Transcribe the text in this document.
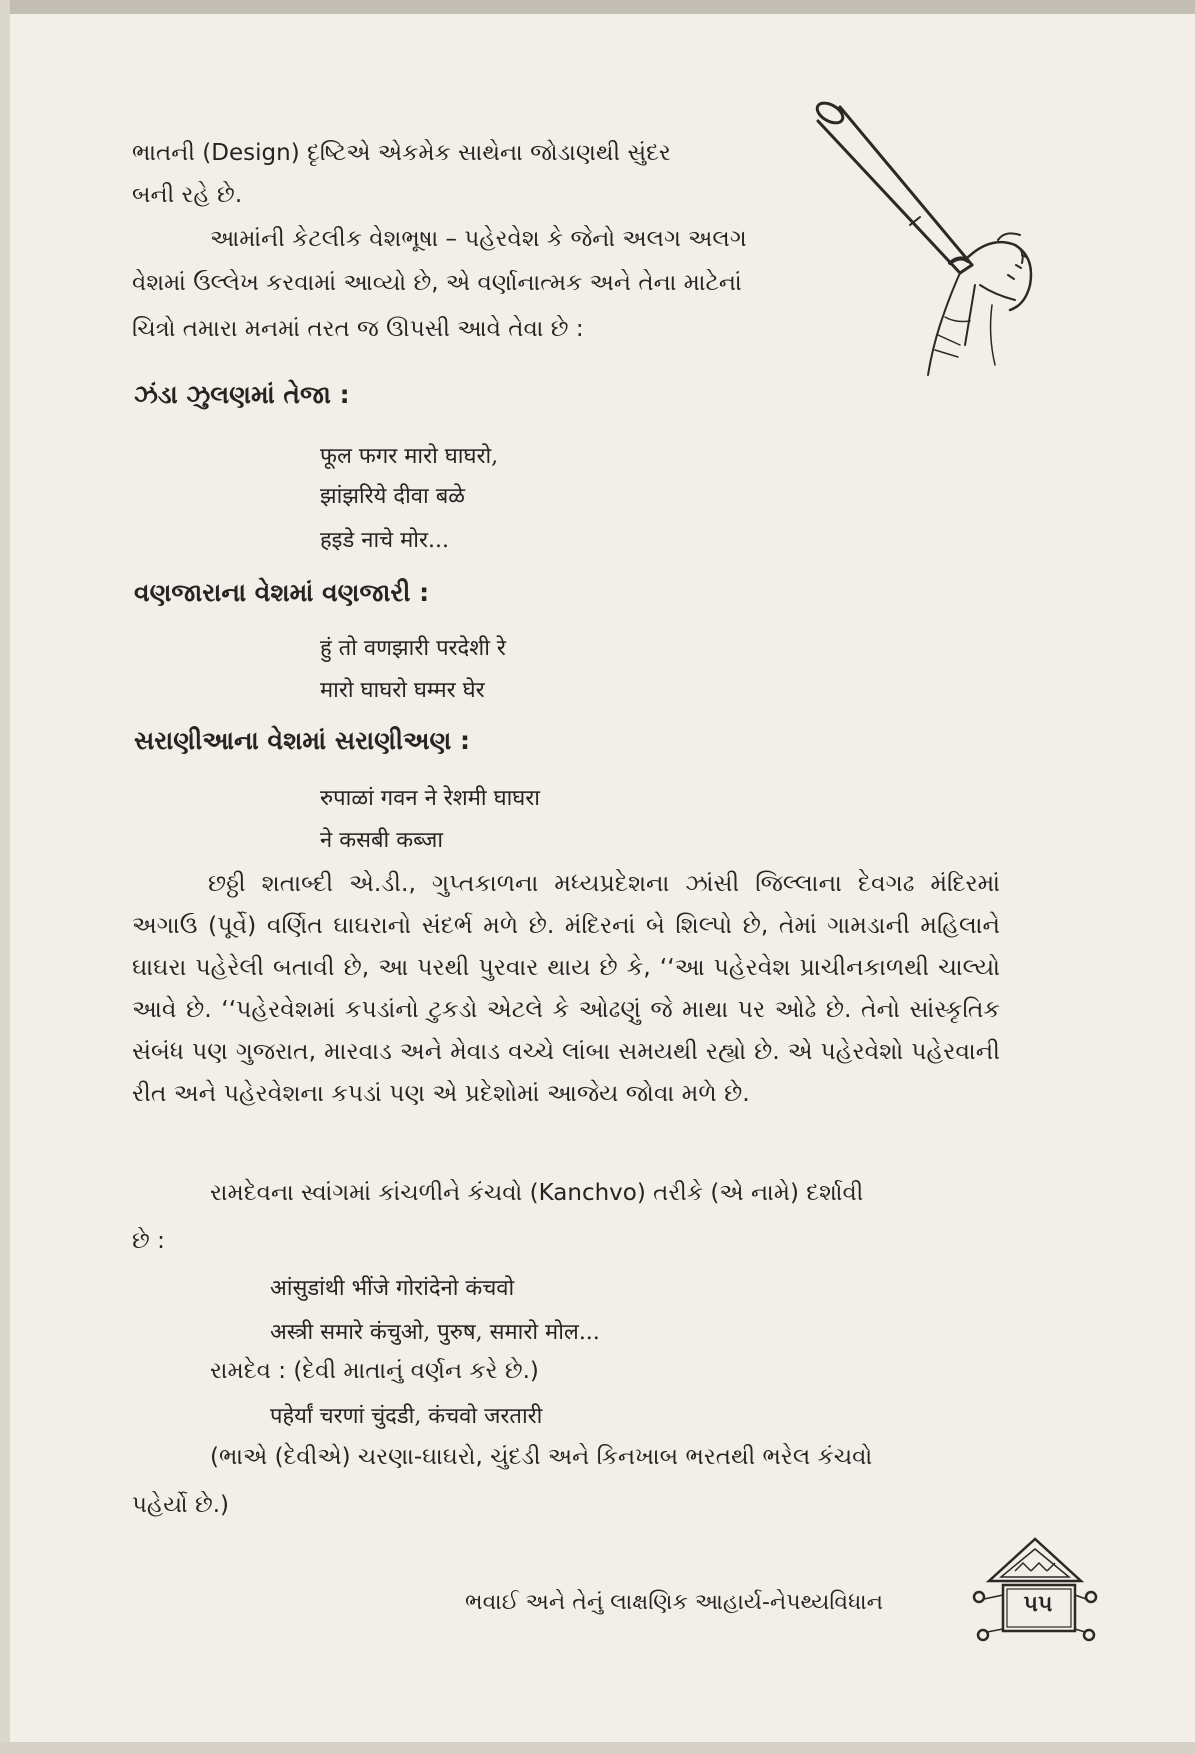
ભાતની (Design) દૃષ્ટિએ એકમેક સાથેના જોડાણથી સુંદર
બની રહે છે.
આમાંની કેટલીક વેશભૂષા – પહેરવેશ કે જેનો અલગ અલગ
વેશમાં ઉલ્લેખ કરવામાં આવ્યો છે, એ વર્ણાનાત્મક અને તેના માટેનાં
ચિત્રો તમારા મનમાં તરત જ ઊપસી આવે તેવા છે :
ઝંડા ઝુલણમાં તેજા :
फूल फगर मारो घाघरो,
झांझरिये दीवा बळे
हइडे नाचे मोर...
વણજારાના વેશમાં વણજારી :
हुं तो वणझारी परदेशी रे
मारो घाघरो घम्मर घेर
સરાણીઆના વેશમાં સરાણીઅણ :
रुपाळां गवन ने रेशमी घाघरा
ने कसबी कब्जा
છઠ્ઠી શતાબ્દી એ.ડી., ગુપ્તકાળના મધ્યપ્રદેશના ઝાંસી જિલ્લાના દેવગઢ મંદિરમાં અગાઉ (પૂર્વે) વર્ણિત ઘાઘરાનો સંદર્ભ મળે છે. મંદિરનાં બે શિલ્પો છે, તેમાં ગામડાની મહિલાને ઘાઘરા પહેરેલી બતાવી છે, આ પરથી પુરવાર થાય છે કે, ‘‘આ પહેરવેશ પ્રાચીનકાળથી ચાલ્યો આવે છે. ‘‘પહેરવેશમાં કપડાંનો ટુકડો એટલે કે ઓઢણું જે માથા પર ઓઢે છે. તેનો સાંસ્કૃતિક સંબંધ પણ ગુજરાત, મારવાડ અને મેવાડ વચ્ચે લાંબા સમયથી રહ્યો છે. એ પહેરવેશો પહેરવાની રીત અને પહેરવેશના કપડાં પણ એ પ્રદેશોમાં આજેય જોવા મળે છે.
રામદેવના સ્વાંગમાં કાંચળીને કંચવો (Kanchvo) તરીકે (એ નામે) દર્શાવી
છે :
आंसुडांथी भींजे गोरांदेनो कंचवो
अस्त्री समारे कंचुओ, पुरुष, समारो मोल...
રામદેવ : (દેવી માતાનું વર્ણન કરે છે.)
पहेर्यां चरणां चुंदडी, कंचवो जरतारी
(ભાએ (દેવીએ) ચરણા-ઘાઘરો, ચુંદડી અને કિનખાબ ભરતથી ભરેલ કંચવો
પહેર્યો છે.)
ભવાઈ અને તેનું લાક્ષણિક આહાર્ય-નેપથ્યવિધાન	૫૫
